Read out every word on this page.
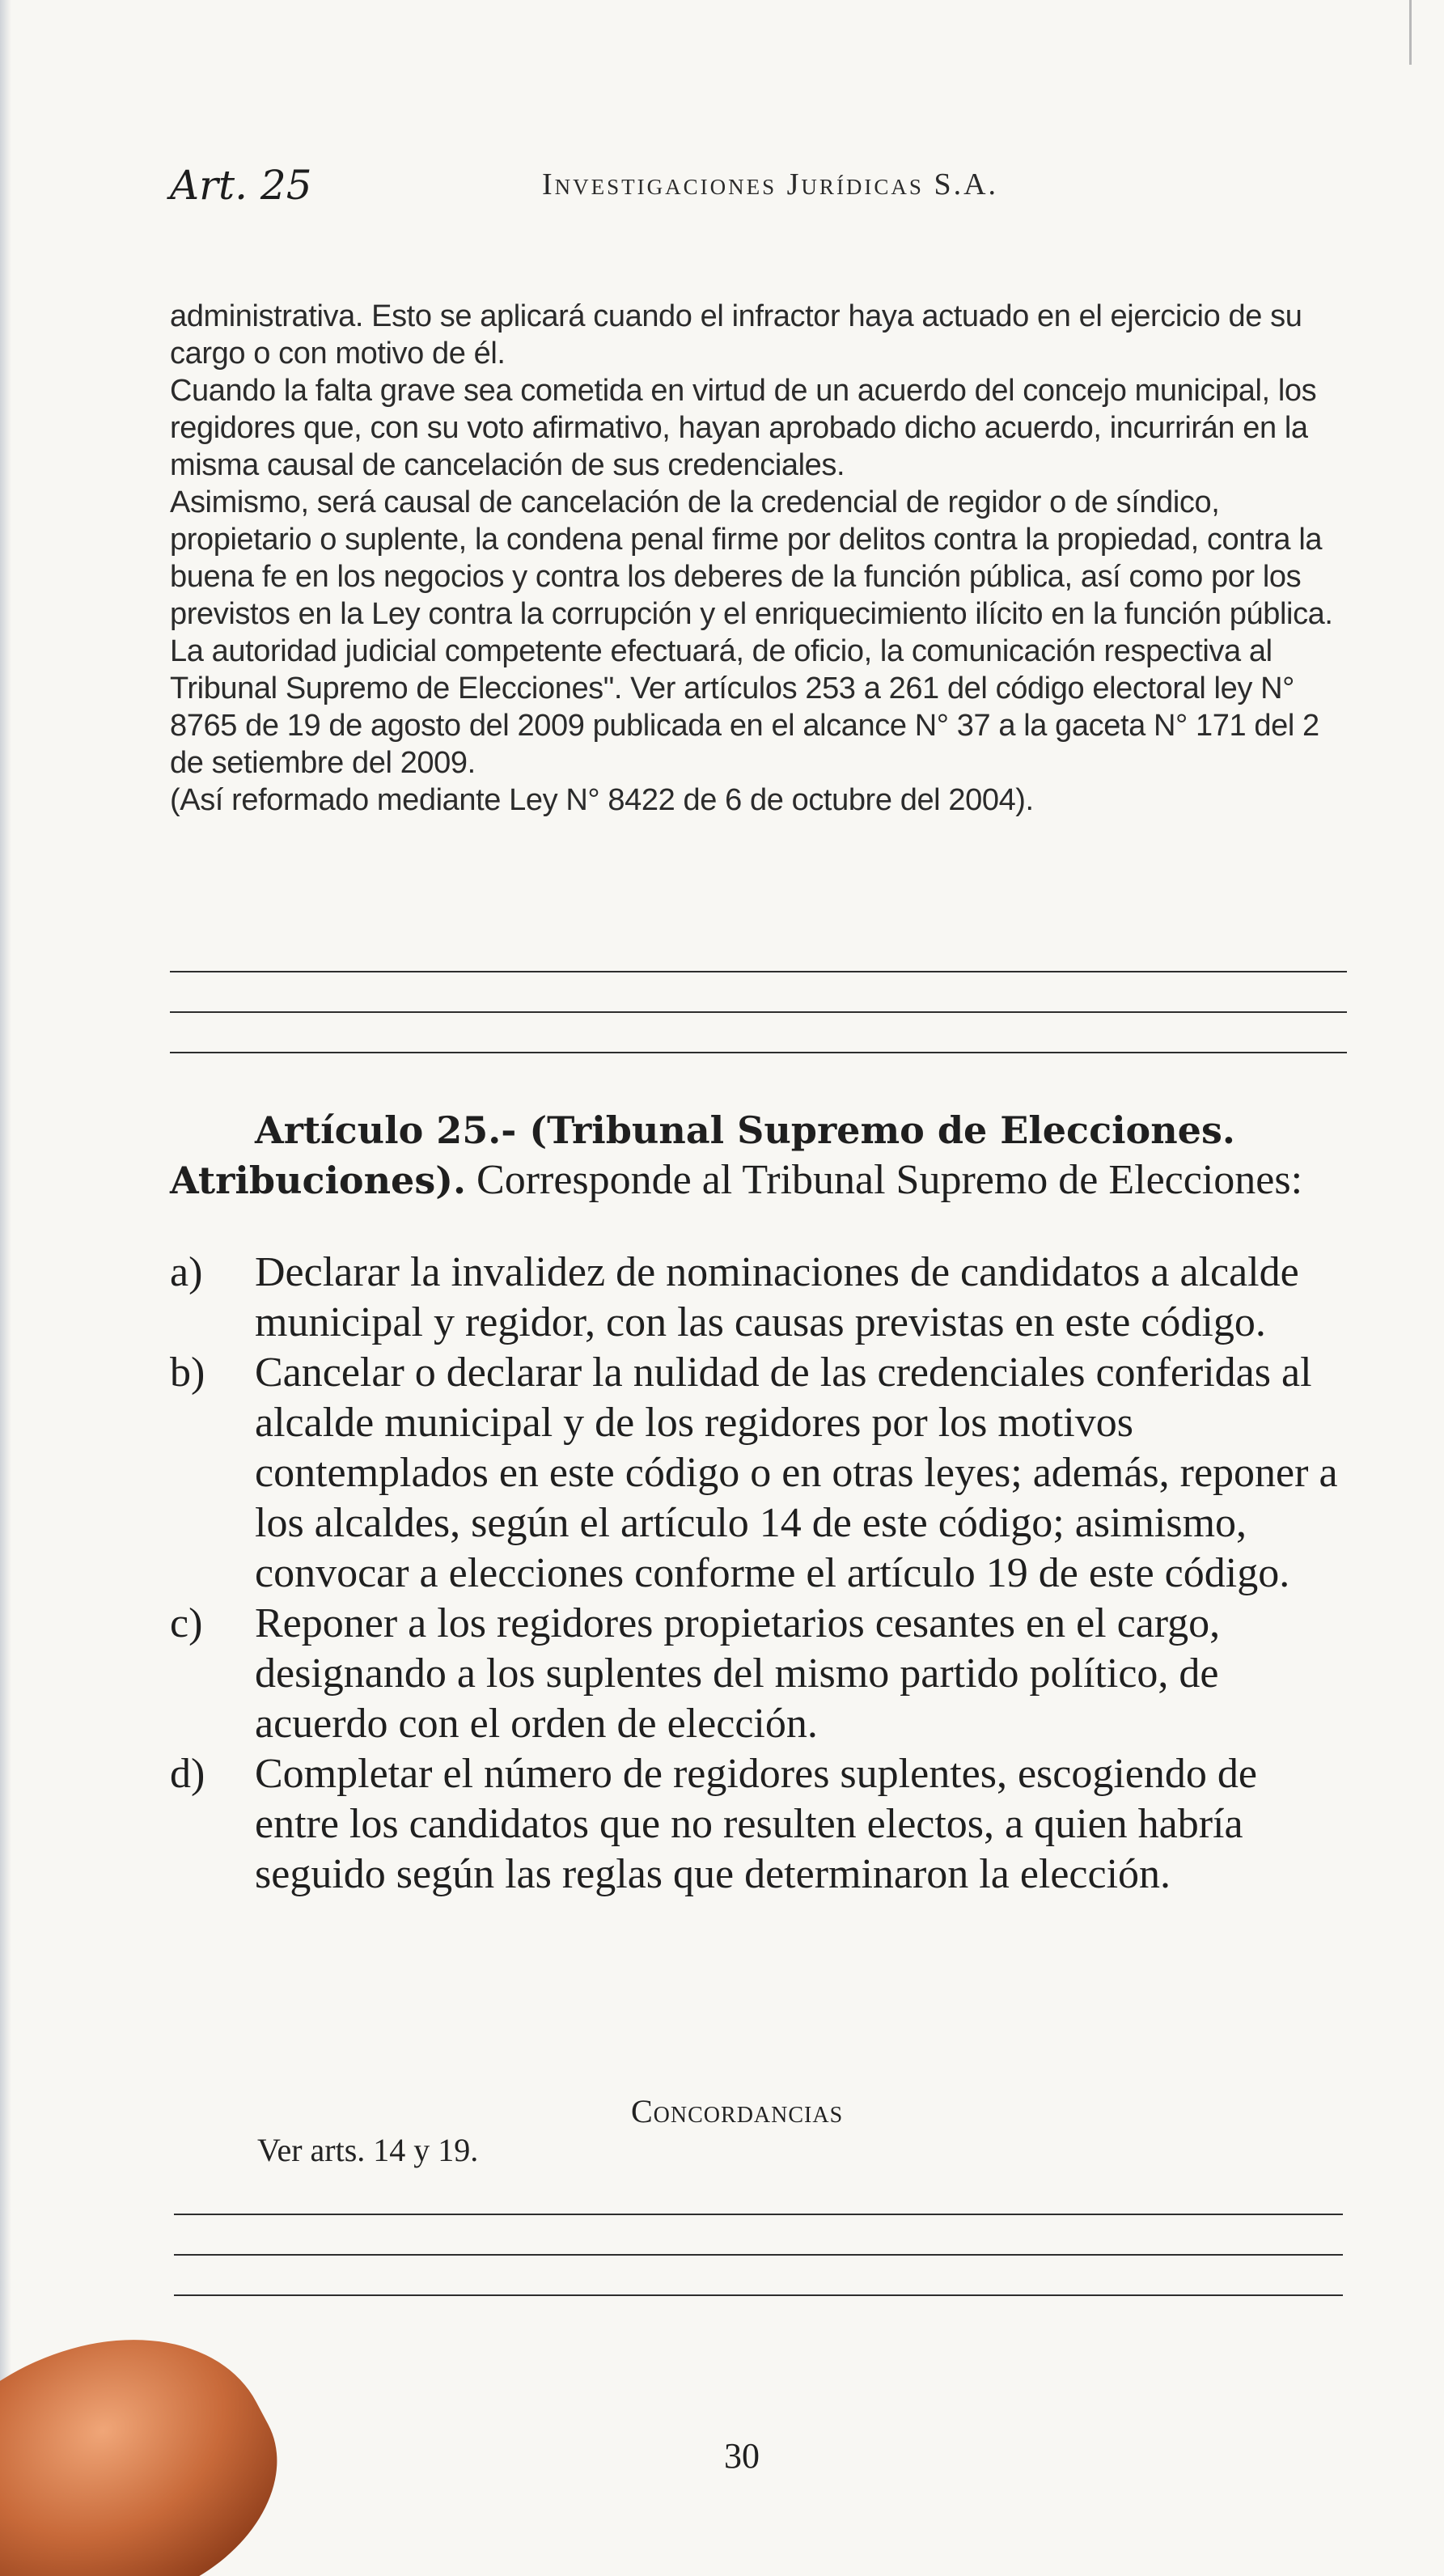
Art. 25	Investigaciones Jurídicas S.A.

administrativa. Esto se aplicará cuando el infractor haya actuado en el ejercicio de su cargo o con motivo de él.

Cuando la falta grave sea cometida en virtud de un acuerdo del concejo municipal, los regidores que, con su voto afirmativo, hayan aprobado dicho acuerdo, incurrirán en la misma causal de cancelación de sus credenciales.

Asimismo, será causal de cancelación de la credencial de regidor o de síndico, propietario o suplente, la condena penal firme por delitos contra la propiedad, contra la buena fe en los negocios y contra los deberes de la función pública, así como por los previstos en la Ley contra la corrupción y el enriquecimiento ilícito en la función pública. La autoridad judicial competente efectuará, de oficio, la comunicación respectiva al Tribunal Supremo de Elecciones". Ver artículos 253 a 261 del código electoral ley N° 8765 de 19 de agosto del 2009 publicada en el alcance N° 37 a la gaceta N° 171 del 2 de setiembre del 2009.

(Así reformado mediante Ley N° 8422 de 6 de octubre del 2004).

Artículo 25.- (Tribunal Supremo de Elecciones. Atribuciones). Corresponde al Tribunal Supremo de Elecciones:

a) Declarar la invalidez de nominaciones de candidatos a alcalde municipal y regidor, con las causas previstas en este código.
b) Cancelar o declarar la nulidad de las credenciales conferidas al alcalde municipal y de los regidores por los motivos contemplados en este código o en otras leyes; además, reponer a los alcaldes, según el artículo 14 de este código; asimismo, convocar a elecciones conforme el artículo 19 de este código.
c) Reponer a los regidores propietarios cesantes en el cargo, designando a los suplentes del mismo partido político, de acuerdo con el orden de elección.
d) Completar el número de regidores suplentes, escogiendo de entre los candidatos que no resulten electos, a quien habría seguido según las reglas que determinaron la elección.
Concordancias
Ver arts. 14 y 19.
30
